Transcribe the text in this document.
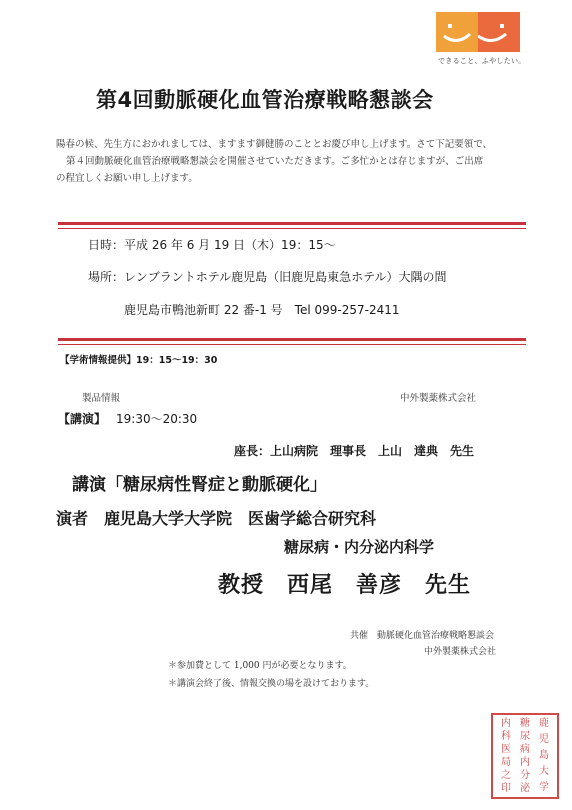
できること、ふやしたい。
第4回動脈硬化血管治療戦略懇談会
陽春の候、先生方におかれましては、ますます御健勝のこととお慶び申し上げます。さて下記要領で、
第４回動脈硬化血管治療戦略懇談会を開催させていただきます。ご多忙かとは存じますが、ご出席
の程宜しくお願い申し上げます。
日時：平成 26 年 6 月 19 日（木）19：15～
場所：レンブラントホテル鹿児島（旧鹿児島東急ホテル）大隅の間
鹿児島市鴨池新町 22 番-1 号　Tel 099-257-2411
【学術情報提供】19：15～19：30
製品情報	中外製薬株式会社
【講演】 19:30～20:30
座長：上山病院　理事長　上山　達典　先生
講演「糖尿病性腎症と動脈硬化」
演者　鹿児島大学大学院　医歯学総合研究科
糖尿病・内分泌内科学
教授　西尾　善彦　先生
共催　動脈硬化血管治療戦略懇談会
中外製薬株式会社
＊参加費として 1,000 円が必要となります。
＊講演会終了後、情報交換の場を設けております。
鹿
児
島
大
学
糖
尿
病
内
分
泌
内
科
医
局
之
印
